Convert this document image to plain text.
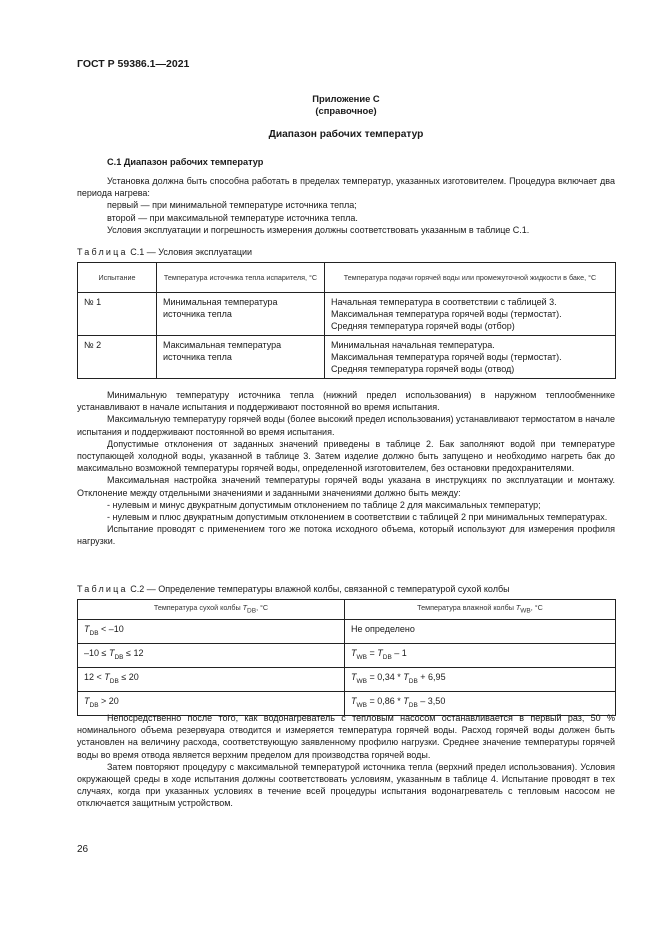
ГОСТ Р 59386.1—2021
Приложение С
(справочное)
Диапазон рабочих температур
С.1 Диапазон рабочих температур

Установка должна быть способна работать в пределах температур, указанных изготовителем. Процедура включает два периода нагрева:

первый — при минимальной температуре источника тепла;

второй — при максимальной температуре источника тепла.

Условия эксплуатации и погрешность измерения должны соответствовать указанным в таблице С.1.

Таблица С.1 — Условия эксплуатации
Испытание	Температура источника тепла испарителя, °С	Температура подачи горячей воды или промежуточной жидкости в баке, °С
№ 1	Минимальная температура источника тепла	Начальная температура в соответствии с таблицей 3.
Максимальная температура горячей воды (термостат).
Средняя температура горячей воды (отбор)

№ 2	Максимальная температура источника тепла	Минимальная начальная температура.
Максимальная температура горячей воды (термостат).
Средняя температура горячей воды (отвод)

Минимальную температуру источника тепла (нижний предел использования) в наружном теплообменнике устанавливают в начале испытания и поддерживают постоянной во время испытания.

Максимальную температуру горячей воды (более высокий предел использования) устанавливают термостатом в начале испытания и поддерживают постоянной во время испытания.

Допустимые отклонения от заданных значений приведены в таблице 2. Бак заполняют водой при температуре поступающей холодной воды, указанной в таблице 3. Затем изделие должно быть запущено и необходимо нагреть бак до максимально возможной температуры горячей воды, определенной изготовителем, без остановки предохранителями.

Максимальная настройка значений температуры горячей воды указана в инструкциях по эксплуатации и монтажу. Отклонение между отдельными значениями и заданными значениями должно быть между:

- нулевым и минус двукратным допустимым отклонением по таблице 2 для максимальных температур;

- нулевым и плюс двукратным допустимым отклонением в соответствии с таблицей 2 при минимальных температурах.

Испытание проводят с применением того же потока исходного объема, который используют для измерения профиля нагрузки.

Таблица С.2 — Определение температуры влажной колбы, связанной с температурой сухой колбы
Температура сухой колбы $T_{DB}$, °С	Температура влажной колбы $T_{WB}$, °С
$T_{DB} < -10$	Не определено
$-10 \le T_{DB} \le 12$	$T_{WB} = T_{DB} - 1$
$12 < T_{DB} \le 20$	$T_{WB} = 0,34 * T_{DB} + 6,95$
$T_{DB} > 20$	$T_{WB} = 0,86 * T_{DB} - 3,50$

Непосредственно после того, как водонагреватель с тепловым насосом останавливается в первый раз, 50 % номинального объема резервуара отводится и измеряется температура горячей воды. Расход горячей воды должен быть установлен на величину расхода, соответствующую заявленному профилю нагрузки. Среднее значение температуры горячей воды во время отвода является верхним пределом для производства горячей воды.

Затем повторяют процедуру с максимальной температурой источника тепла (верхний предел использования). Условия окружающей среды в ходе испытания должны соответствовать условиям, указанным в таблице 4. Испытание проводят в тех случаях, когда при указанных условиях в течение всей процедуры испытания водонагреватель с тепловым насосом не отключается защитным устройством.

26
